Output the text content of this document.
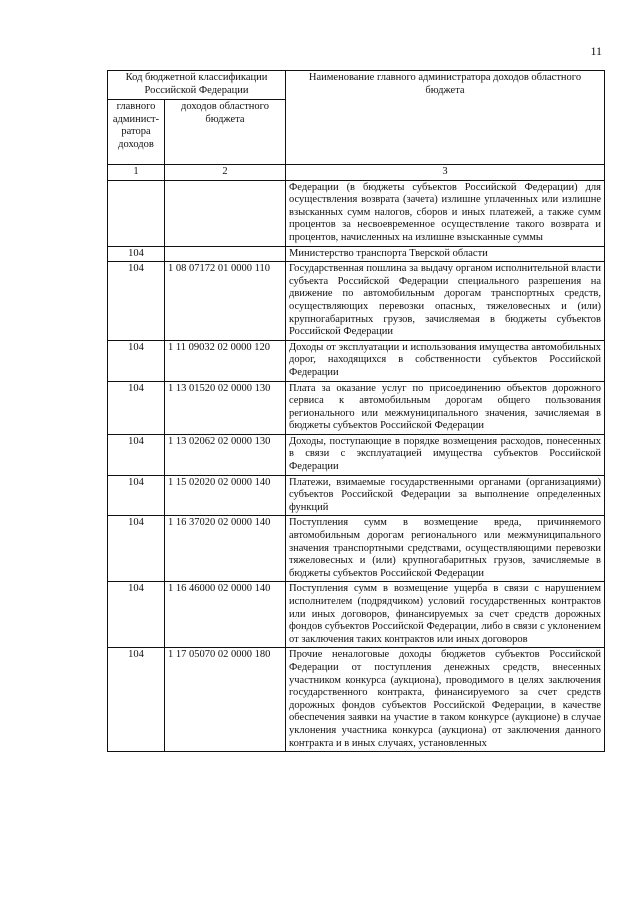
11
Код бюджетной классификации Российской Федерации		Наименование главного администратора доходов областного бюджета
главного админист-ратора доходов	доходов областного бюджета	
1	2	3
		Федерации (в бюджеты субъектов Российской Федерации) для осуществления возврата (зачета) излишне уплаченных или излишне взысканных сумм налогов, сборов и иных платежей, а также сумм процентов за несвоевременное осуществление такого возврата и процентов, начисленных на излишне взысканные суммы
104		Министерство транспорта Тверской области
104	1 08 07172 01 0000 110	Государственная пошлина за выдачу органом исполнительной власти субъекта Российской Федерации специального разрешения на движение по автомобильным дорогам транспортных средств, осуществляющих перевозки опасных, тяжеловесных и (или) крупногабаритных грузов, зачисляемая в бюджеты субъектов Российской Федерации
104	1 11 09032 02 0000 120	Доходы от эксплуатации и использования имущества автомобильных дорог, находящихся в собственности субъектов Российской Федерации
104	1 13 01520 02 0000 130	Плата за оказание услуг по присоединению объектов дорожного сервиса к автомобильным дорогам общего пользования регионального или межмуниципального значения, зачисляемая в бюджеты субъектов Российской Федерации
104	1 13 02062 02 0000 130	Доходы, поступающие в порядке возмещения расходов, понесенных в связи с эксплуатацией имущества субъектов Российской Федерации
104	1 15 02020 02 0000 140	Платежи, взимаемые государственными органами (организациями) субъектов Российской Федерации за выполнение определенных функций
104	1 16 37020 02 0000 140	Поступления сумм в возмещение вреда, причиняемого автомобильным дорогам регионального или межмуниципального значения транспортными средствами, осуществляющими перевозки тяжеловесных и (или) крупногабаритных грузов, зачисляемые в бюджеты субъектов Российской Федерации
104	1 16 46000 02 0000 140	Поступления сумм в возмещение ущерба в связи с нарушением исполнителем (подрядчиком) условий государственных контрактов или иных договоров, финансируемых за счет средств дорожных фондов субъектов Российской Федерации, либо в связи с уклонением от заключения таких контрактов или иных договоров
104	1 17 05070 02 0000 180	Прочие неналоговые доходы бюджетов субъектов Российской Федерации от поступления денежных средств, внесенных участником конкурса (аукциона), проводимого в целях заключения государственного контракта, финансируемого за счет средств дорожных фондов субъектов Российской Федерации, в качестве обеспечения заявки на участие в таком конкурсе (аукционе) в случае уклонения участника конкурса (аукциона) от заключения данного контракта и в иных случаях, установленных
